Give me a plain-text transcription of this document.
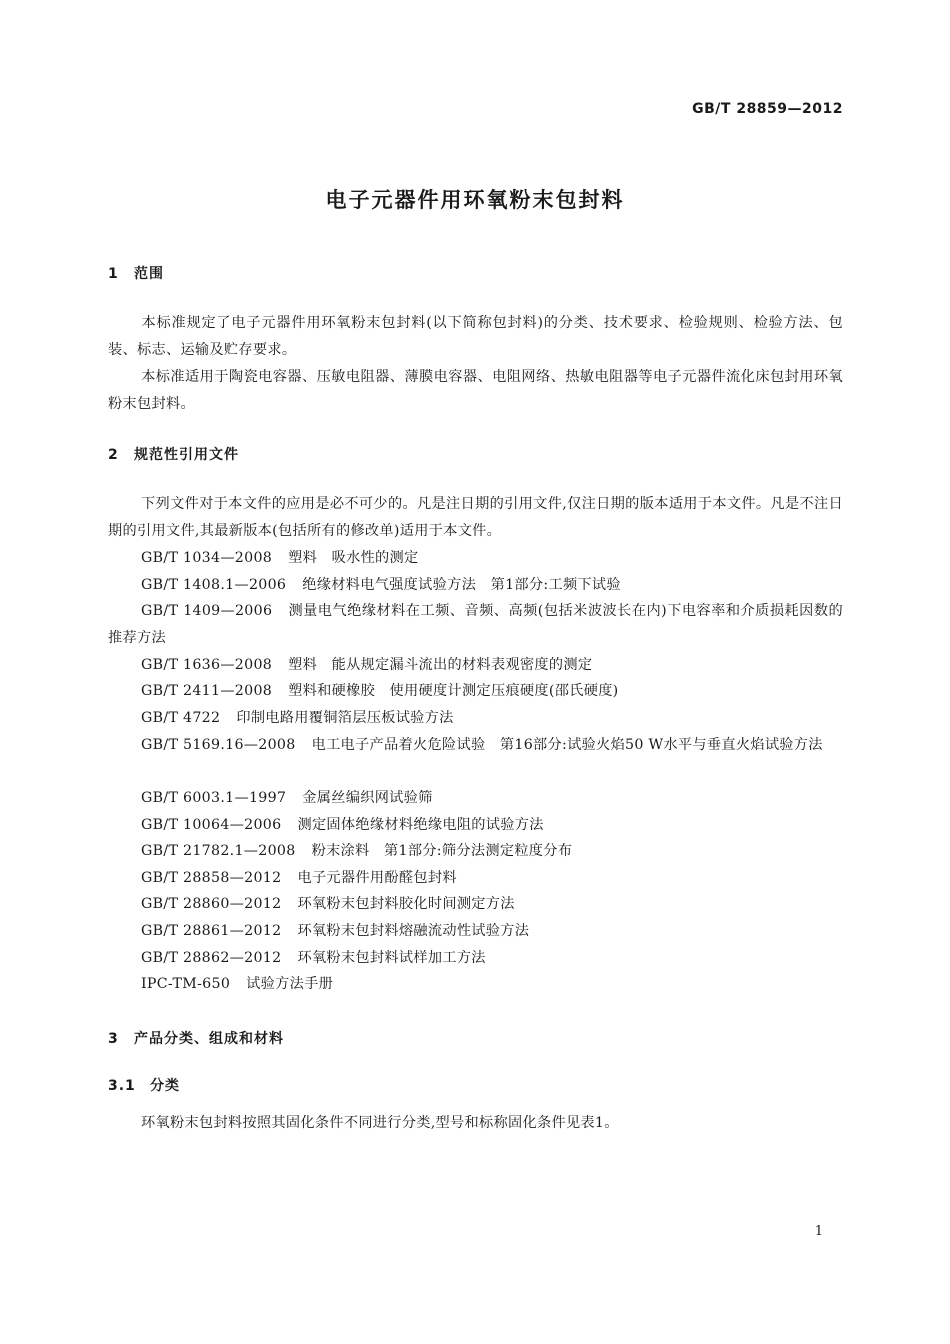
GB/T 28859—2012
电子元器件用环氧粉末包封料
1 范围
本标准规定了电子元器件用环氧粉末包封料(以下简称包封料)的分类、技术要求、检验规则、检验方法、包装、标志、运输及贮存要求。
本标准适用于陶瓷电容器、压敏电阻器、薄膜电容器、电阻网络、热敏电阻器等电子元器件流化床包封用环氧粉末包封料。
2 规范性引用文件
下列文件对于本文件的应用是必不可少的。凡是注日期的引用文件,仅注日期的版本适用于本文件。凡是不注日期的引用文件,其最新版本(包括所有的修改单)适用于本文件。
GB/T 1034—2008 塑料　吸水性的测定
GB/T 1408.1—2006 绝缘材料电气强度试验方法　第1部分:工频下试验
GB/T 1409—2006 测量电气绝缘材料在工频、音频、高频(包括米波波长在内)下电容率和介质损耗因数的推荐方法
GB/T 1636—2008 塑料　能从规定漏斗流出的材料表观密度的测定
GB/T 2411—2008 塑料和硬橡胶　使用硬度计测定压痕硬度(邵氏硬度)
GB/T 4722 印制电路用覆铜箔层压板试验方法
GB/T 5169.16—2008 电工电子产品着火危险试验　第16部分:试验火焰50 W水平与垂直火焰试验方法
GB/T 6003.1—1997 金属丝编织网试验筛
GB/T 10064—2006 测定固体绝缘材料绝缘电阻的试验方法
GB/T 21782.1—2008 粉末涂料　第1部分:筛分法测定粒度分布
GB/T 28858—2012 电子元器件用酚醛包封料
GB/T 28860—2012 环氧粉末包封料胶化时间测定方法
GB/T 28861—2012 环氧粉末包封料熔融流动性试验方法
GB/T 28862—2012 环氧粉末包封料试样加工方法
IPC-TM-650 试验方法手册
3 产品分类、组成和材料
3.1 分类
环氧粉末包封料按照其固化条件不同进行分类,型号和标称固化条件见表1。
1
